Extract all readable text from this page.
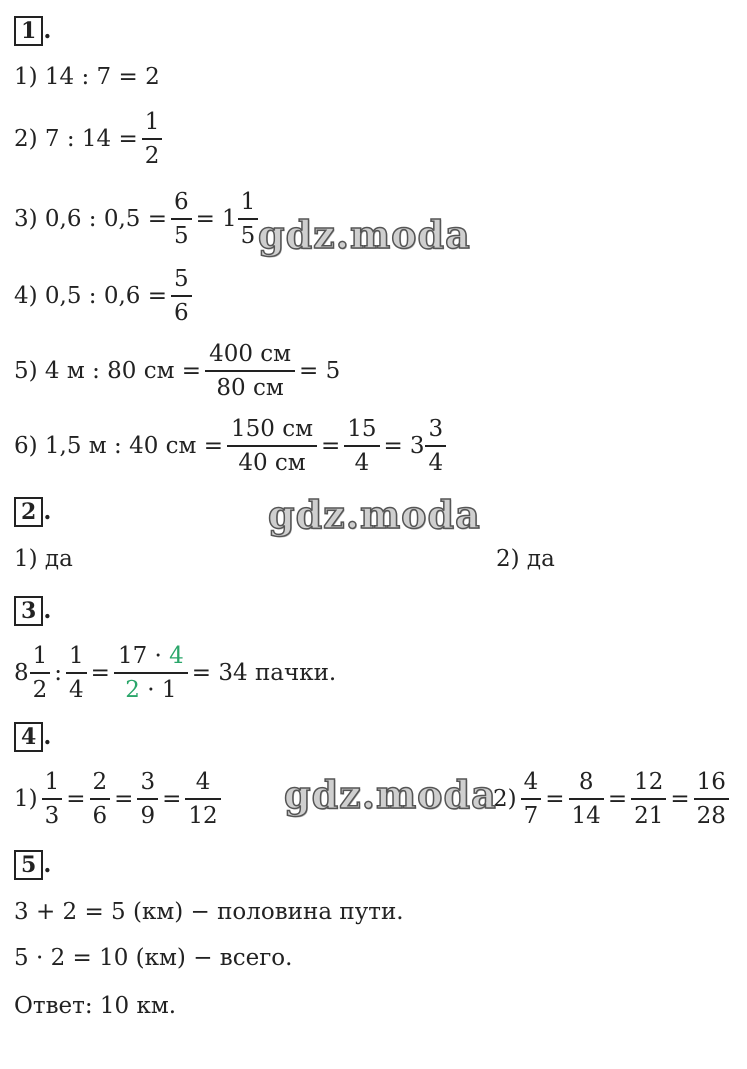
1 .
1) 14 : 7 = 2
2) 7 : $14 = \frac{1}{2}$
3) 0,6 : $0,5 = \frac{6}{5} = 1 \frac{1}{5}$
4) 0,5 : $0,6 = \frac{5}{6}$
5) 4 м : 80 см = $\frac{400 см}{80 см} = 5$
6) 1,5 м : 40 см = $\frac{150 см}{40 см} = \frac{15}{4} = 3 \frac{3}{4}$
2 .
1) да	2) да
3 .
$8 \frac{1}{2}$ : $\frac{1}{4} = \frac{17 \cdot 4}{2 \cdot 1} = 34$ пачки.
4 .
$1) \frac{1}{3} = \frac{2}{6} = \frac{3}{9} = \frac{4}{12}$	$2) \frac{4}{7} = \frac{8}{14} = \frac{12}{21} = \frac{16}{28}$
5 .
3 + 2 = 5 (км) − половина пути.
5 · 2 = 10 (км) − всего.
Ответ: 10 км.
gdz.moda
gdz.moda
gdz.moda
